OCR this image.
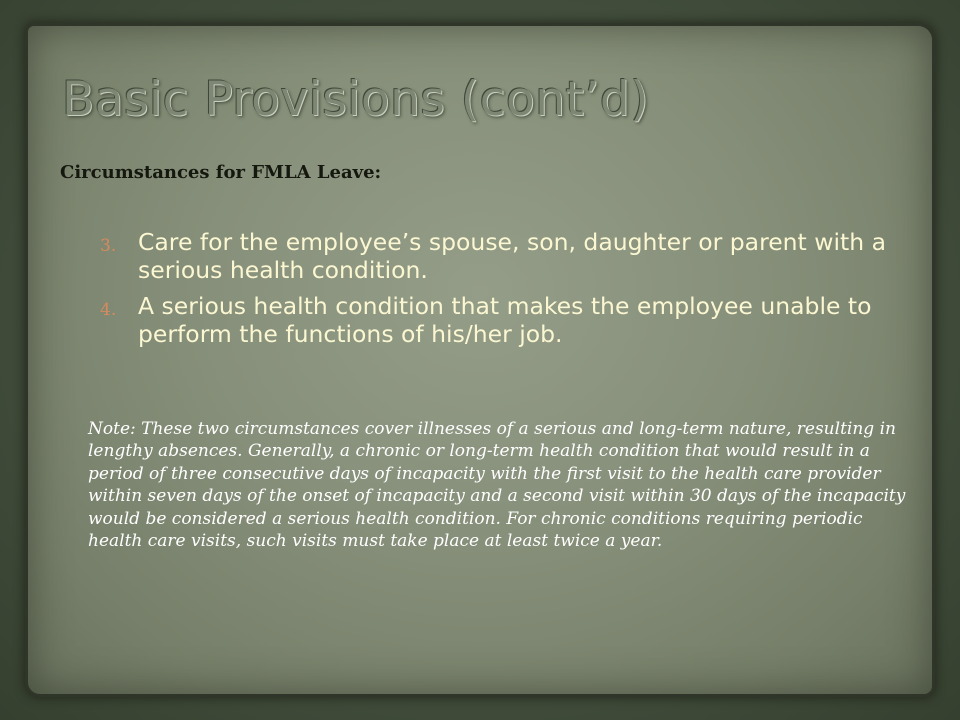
Basic Provisions (cont’d)

Circumstances for FMLA Leave:

3. Care for the employee’s spouse, son, daughter or parent with a serious health condition.
4. A serious health condition that makes the employee unable to perform the functions of his/her job.

Note: These two circumstances cover illnesses of a serious and long-term nature, resulting in lengthy absences. Generally, a chronic or long-term health condition that would result in a period of three consecutive days of incapacity with the first visit to the health care provider within seven days of the onset of incapacity and a second visit within 30 days of the incapacity would be considered a serious health condition. For chronic conditions requiring periodic health care visits, such visits must take place at least twice a year.
